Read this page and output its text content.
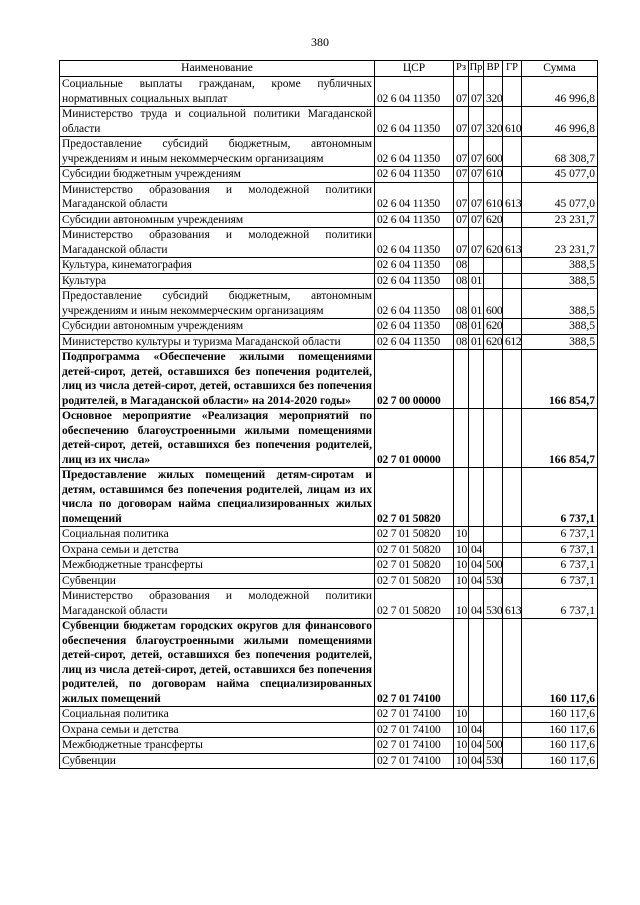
380
Наименование	ЦСР	Рз	Пр	ВР	ГР	Сумма
Социальные выплаты гражданам, кроме публичных нормативных социальных выплат	02 6 04 11350	07	07	320		46 996,8
Министерство труда и социальной политики Магаданской области	02 6 04 11350	07	07	320	610	46 996,8
Предоставление субсидий бюджетным, автономным учреждениям и иным некоммерческим организациям	02 6 04 11350	07	07	600		68 308,7
Субсидии бюджетным учреждениям	02 6 04 11350	07	07	610		45 077,0
Министерство образования и молодежной политики Магаданской области	02 6 04 11350	07	07	610	613	45 077,0
Субсидии автономным учреждениям	02 6 04 11350	07	07	620		23 231,7
Министерство образования и молодежной политики Магаданской области	02 6 04 11350	07	07	620	613	23 231,7
Культура, кинематография	02 6 04 11350	08				388,5
Культура	02 6 04 11350	08	01			388,5
Предоставление субсидий бюджетным, автономным учреждениям и иным некоммерческим организациям	02 6 04 11350	08	01	600		388,5
Субсидии автономным учреждениям	02 6 04 11350	08	01	620		388,5
Министерство культуры и туризма Магаданской области	02 6 04 11350	08	01	620	612	388,5
Подпрограмма «Обеспечение жилыми помещениями детей-сирот, детей, оставшихся без попечения родителей, лиц из числа детей-сирот, детей, оставшихся без попечения родителей, в Магаданской области» на 2014-2020 годы»	02 7 00 00000					166 854,7
Основное мероприятие «Реализация мероприятий по обеспечению благоустроенными жилыми помещениями детей-сирот, детей, оставшихся без попечения родителей, лиц из их числа»	02 7 01 00000					166 854,7
Предоставление жилых помещений детям-сиротам и детям, оставшимся без попечения родителей, лицам из их числа по договорам найма специализированных жилых помещений	02 7 01 50820					6 737,1
Социальная политика	02 7 01 50820	10				6 737,1
Охрана семьи и детства	02 7 01 50820	10	04			6 737,1
Межбюджетные трансферты	02 7 01 50820	10	04	500		6 737,1
Субвенции	02 7 01 50820	10	04	530		6 737,1
Министерство образования и молодежной политики Магаданской области	02 7 01 50820	10	04	530	613	6 737,1
Субвенции бюджетам городских округов для финансового обеспечения благоустроенными жилыми помещениями детей-сирот, детей, оставшихся без попечения родителей, лиц из числа детей-сирот, детей, оставшихся без попечения родителей, по договорам найма специализированных жилых помещений	02 7 01 74100					160 117,6
Социальная политика	02 7 01 74100	10				160 117,6
Охрана семьи и детства	02 7 01 74100	10	04			160 117,6
Межбюджетные трансферты	02 7 01 74100	10	04	500		160 117,6
Субвенции	02 7 01 74100	10	04	530		160 117,6
